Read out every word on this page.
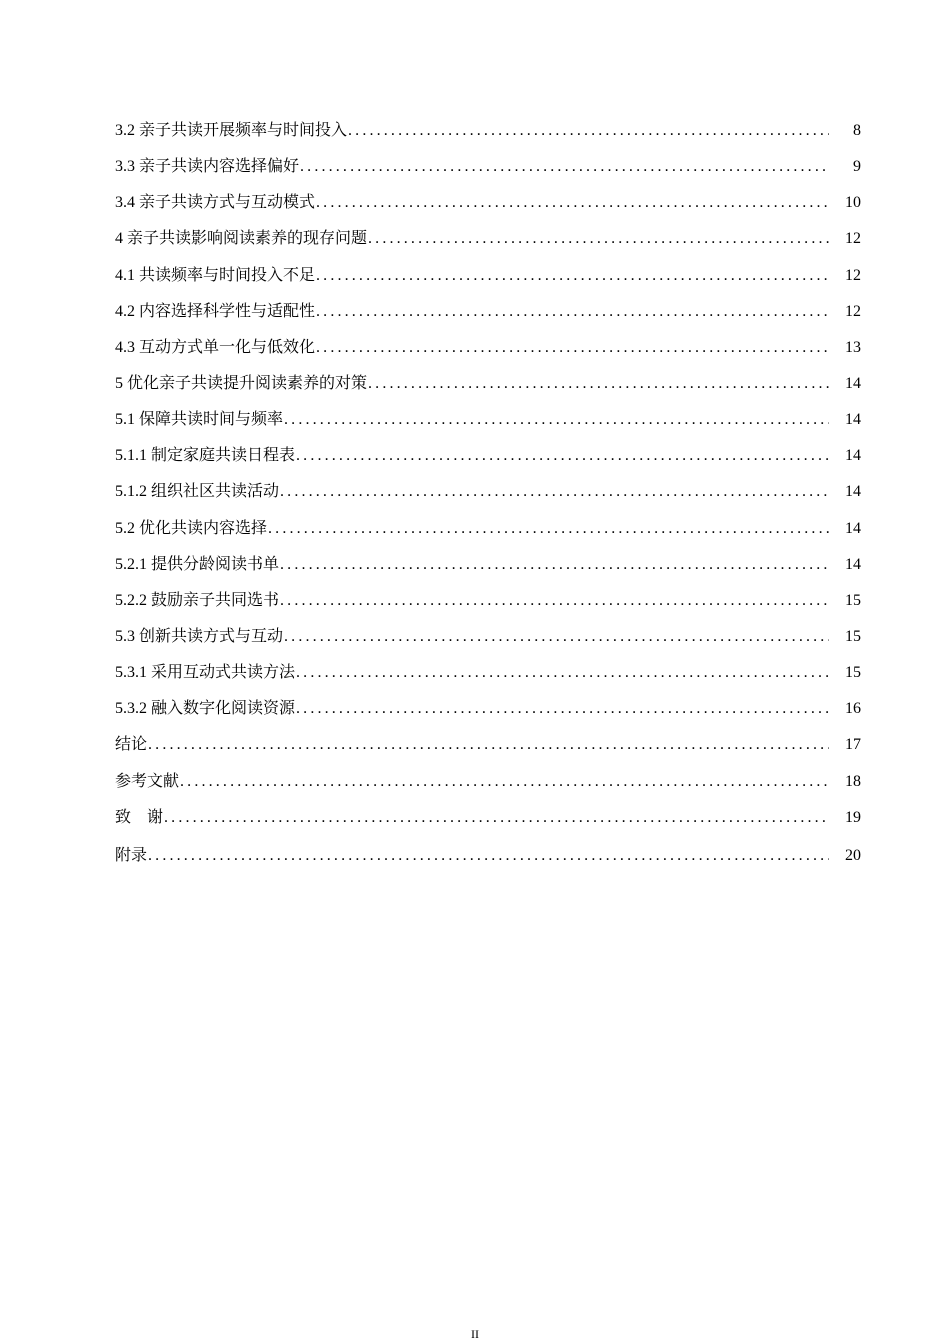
3.2 亲子共读开展频率与时间投入 .....	8
3.3 亲子共读内容选择偏好 .....	9
3.4 亲子共读方式与互动模式 .....	10
4 亲子共读影响阅读素养的现存问题 .....	12
4.1 共读频率与时间投入不足 .....	12
4.2 内容选择科学性与适配性 .....	12
4.3 互动方式单一化与低效化 .....	13
5 优化亲子共读提升阅读素养的对策 .....	14
5.1 保障共读时间与频率 .....	14
5.1.1 制定家庭共读日程表 .....	14
5.1.2 组织社区共读活动 .....	14
5.2 优化共读内容选择 .....	14
5.2.1 提供分龄阅读书单 .....	14
5.2.2 鼓励亲子共同选书 .....	15
5.3 创新共读方式与互动 .....	15
5.3.1 采用互动式共读方法 .....	15
5.3.2 融入数字化阅读资源 .....	16
结论 .....	17
参考文献 .....	18
致    谢 .....	19
附录 .....	20
II
